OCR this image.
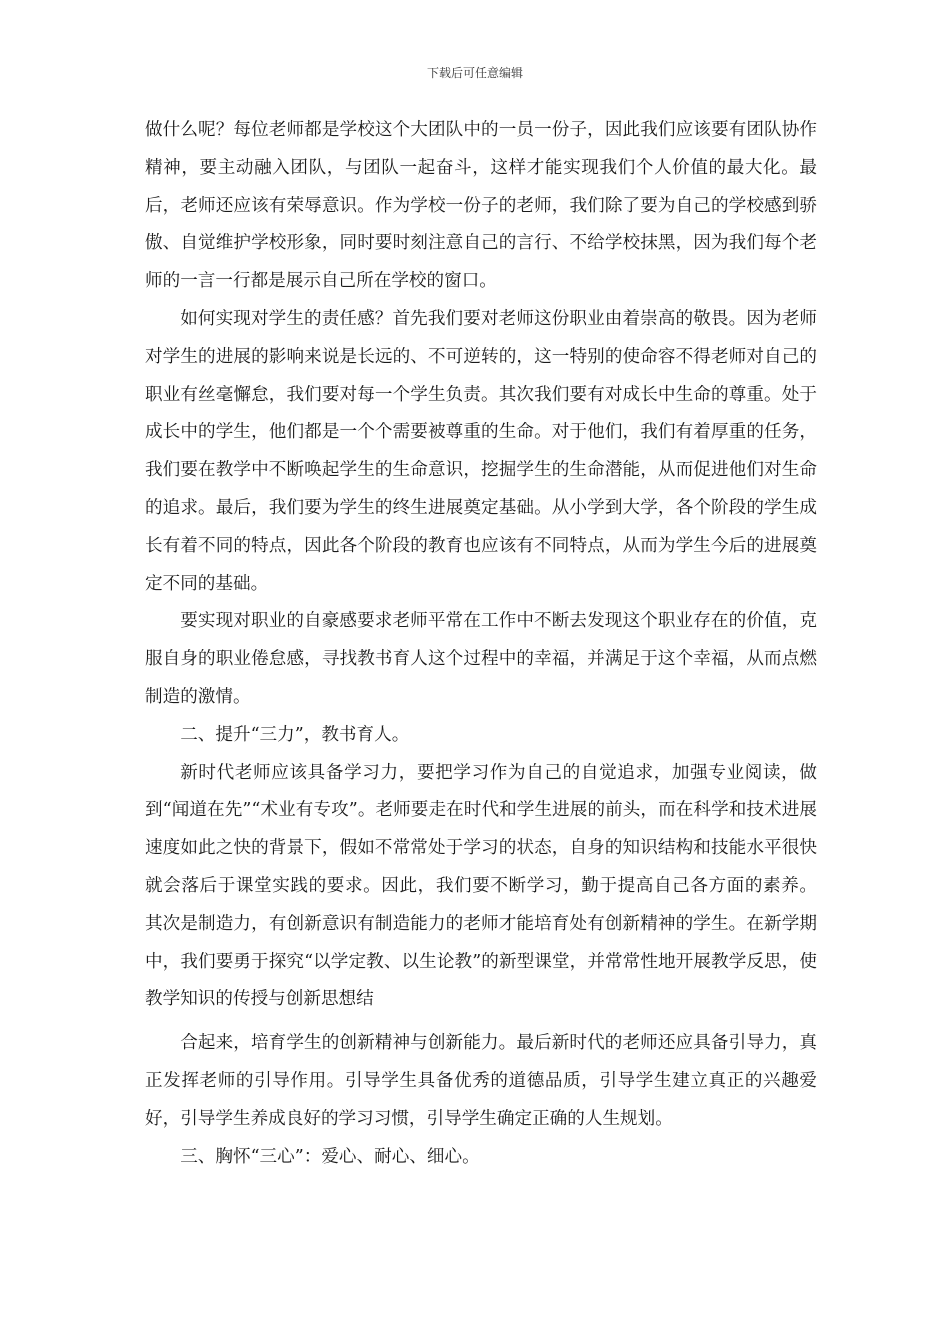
下载后可任意编辑

做什么呢？每位老师都是学校这个大团队中的一员一份子，因此我们应该要有团队协作精神，要主动融入团队，与团队一起奋斗，这样才能实现我们个人价值的最大化。最后，老师还应该有荣辱意识。作为学校一份子的老师，我们除了要为自己的学校感到骄傲、自觉维护学校形象，同时要时刻注意自己的言行、不给学校抹黑，因为我们每个老师的一言一行都是展示自己所在学校的窗口。

如何实现对学生的责任感？首先我们要对老师这份职业由着崇高的敬畏。因为老师对学生的进展的影响来说是长远的、不可逆转的，这一特别的使命容不得老师对自己的职业有丝毫懈怠，我们要对每一个学生负责。其次我们要有对成长中生命的尊重。处于成长中的学生，他们都是一个个需要被尊重的生命。对于他们，我们有着厚重的任务，我们要在教学中不断唤起学生的生命意识，挖掘学生的生命潜能，从而促进他们对生命的追求。最后，我们要为学生的终生进展奠定基础。从小学到大学，各个阶段的学生成长有着不同的特点，因此各个阶段的教育也应该有不同特点，从而为学生今后的进展奠定不同的基础。

要实现对职业的自豪感要求老师平常在工作中不断去发现这个职业存在的价值，克服自身的职业倦怠感，寻找教书育人这个过程中的幸福，并满足于这个幸福，从而点燃制造的激情。

二、提升“三力”，教书育人。

新时代老师应该具备学习力，要把学习作为自己的自觉追求，加强专业阅读，做到“闻道在先”“术业有专攻”。老师要走在时代和学生进展的前头，而在科学和技术进展速度如此之快的背景下，假如不常常处于学习的状态，自身的知识结构和技能水平很快就会落后于课堂实践的要求。因此，我们要不断学习，勤于提高自己各方面的素养。 其次是制造力，有创新意识有制造能力的老师才能培育处有创新精神的学生。在新学期中，我们要勇于探究“以学定教、以生论教”的新型课堂，并常常性地开展教学反思，使教学知识的传授与创新思想结

合起来，培育学生的创新精神与创新能力。最后新时代的老师还应具备引导力，真正发挥老师的引导作用。引导学生具备优秀的道德品质，引导学生建立真正的兴趣爱好，引导学生养成良好的学习习惯，引导学生确定正确的人生规划。

三、胸怀“三心”：爱心、耐心、细心。
